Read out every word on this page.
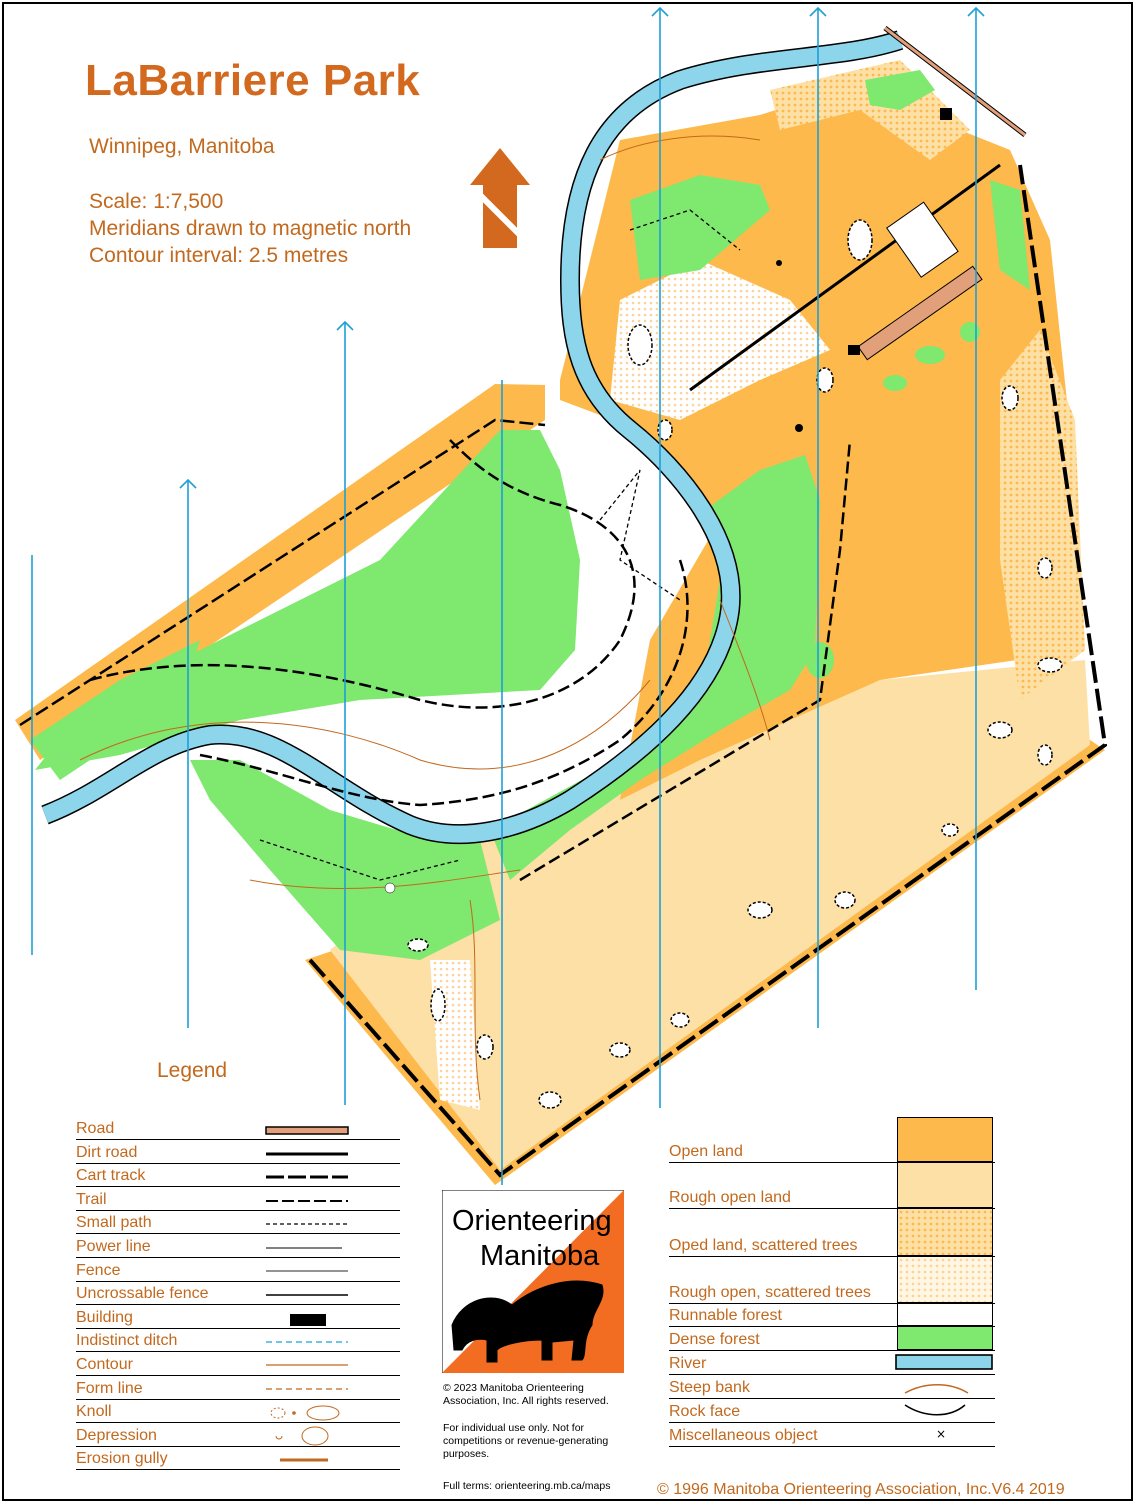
×
LaBarriere Park
Winnipeg, Manitoba
Scale: 1:7,500
Meridians drawn to magnetic north
Contour interval: 2.5 metres
Legend
Road
Dirt road
Cart track
Trail
Small path
Power line
Fence
Uncrossable fence
Building
Indistinct ditch
Contour
Form line
Knoll
Depression
Erosion gully
Open land
Rough open land
Oped land, scattered trees
Rough open, scattered trees
Runnable forest
Dense forest
River
Steep bank
Rock face
Miscellaneous object
Orienteering
Manitoba
© 2023 Manitoba Orienteering Association, Inc. All rights reserved.
For individual use only. Not for competitions or revenue-generating purposes.
Full terms: orienteering.mb.ca/maps	© 1996 Manitoba Orienteering Association, Inc.V6.4 2019
